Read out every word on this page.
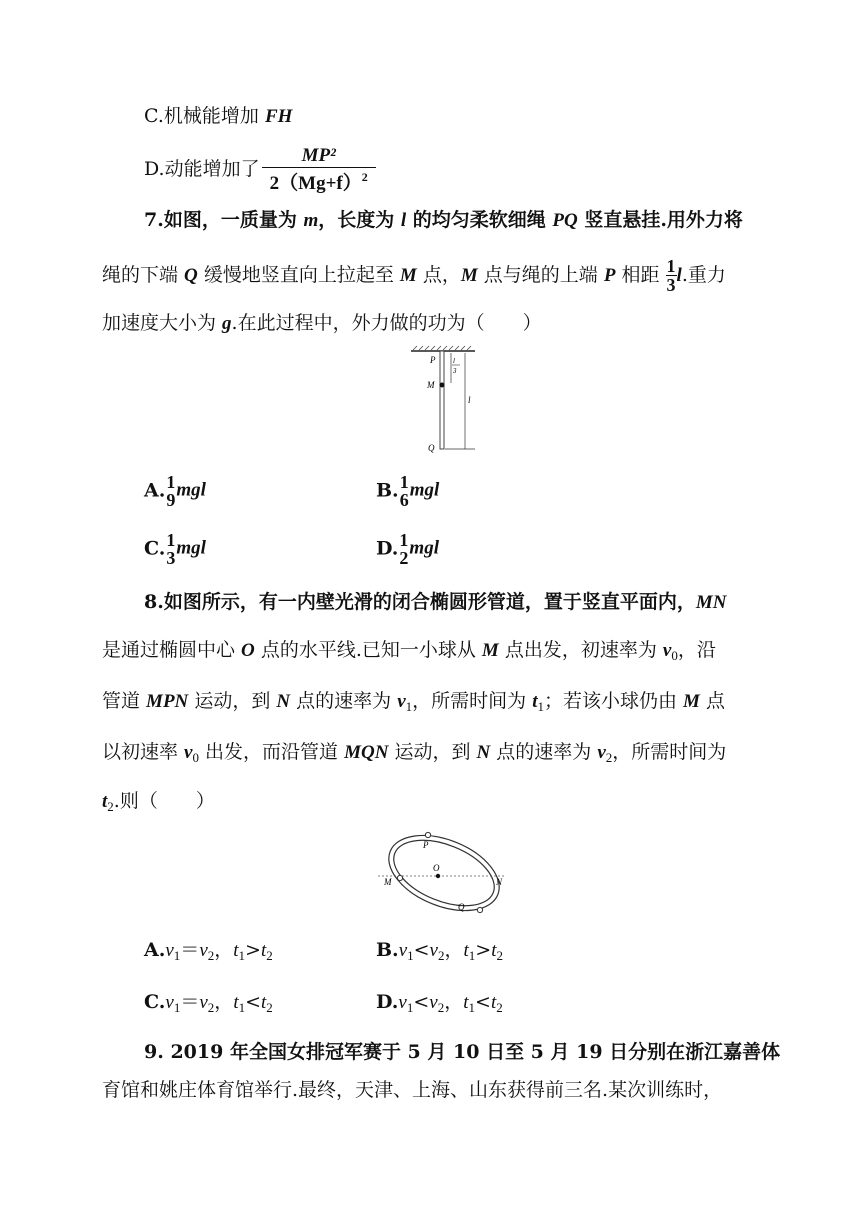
C.机械能增加 FH
D.动能增加了 $\frac{\text{MP²}}{2(Mg+f)^2}$
7.如图，一质量为 m，长度为 l 的均匀柔软细绳 PQ 竖直悬挂.用外力将
绳的下端 Q 缓慢地竖直向上拉起至 M 点，M 点与绳的上端 P 相距 $\frac{1}{3} l$.重力
加速度大小为 g.在此过程中，外力做的功为（　　）
P
M
Q
l
l
3
A. 1
9 mgl	B. 1
6 mgl
C. 1
3 mgl	D. 1
2 mgl
8.如图所示，有一内壁光滑的闭合椭圆形管道，置于竖直平面内，MN
是通过椭圆中心 O 点的水平线.已知一小球从 M 点出发，初速率为 $v_0$，沿
管道 MPN 运动，到 N 点的速率为 $v_1$，所需时间为 $t_1$；若该小球仍由 M 点
以初速率 $v_0$ 出发，而沿管道 MQN 运动，到 N 点的速率为 $v_2$，所需时间为
$t_2$.则（　　）
P
O
M	N
Q
$A.v_1=v_2$，$t_1>t_2$	$B.v_1<v_2$，$t_1>t_2$
$C.v_1=v_2$，$t_1<t_2$	$D.v_1<v_2$，$t_1<t_2$
9. 2019 年全国女排冠军赛于 5 月 10 日至 5 月 19 日分别在浙江嘉善体
育馆和姚庄体育馆举行.最终，天津、上海、山东获得前三名.某次训练时，
